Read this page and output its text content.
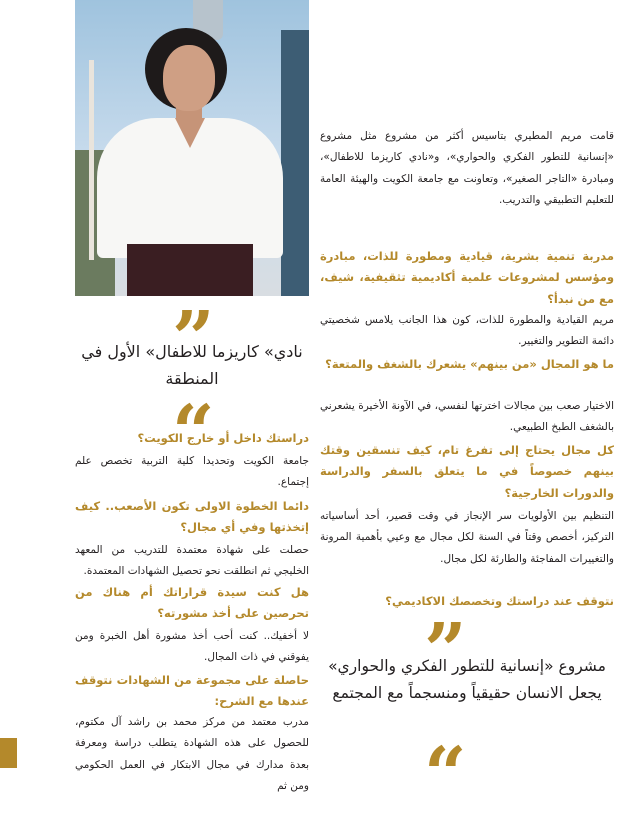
نادي» كاريزما للاطفال» الأول في المنطقة

دراستك داخل أو خارج الكويت؟

جامعة الكويت وتحديدا كلية التربية تخصص علم إجتماع.

دائما الخطوة الاولى تكون الأصعب.. كيف إتخذتها وفي أي مجال؟

حصلت على شهادة معتمدة للتدريب من المعهد الخليجي ثم انطلقت نحو تحصيل الشهادات المعتمدة.

هل كنت سيدة قراراتك أم هناك من تحرصين على أخذ مشورته؟

لا أخفيك.. كنت أحب أخذ مشورة أهل الخبرة ومن يفوقني في ذات المجال.

حاصلة على مجموعة من الشهادات نتوقف عندها مع الشرح:

مدرب معتمد من مركز محمد بن راشد آل مكتوم، للحصول على هذه الشهادة يتطلب دراسة ومعرفة بعدة مدارك في مجال الابتكار في العمل الحكومي ومن ثم

قامت مريم المطيري بتاسيس أكثر من مشروع مثل مشروع «إنسانية للتطور الفكري والحواري»، و«نادي كاريزما للاطفال»، ومبادرة «التاجر الصغير»، وتعاونت مع جامعة الكويت والهيئة العامة للتعليم التطبيقي والتدريب.

مدربة تنمية بشرية، قيادية ومطورة للذات، مبادرة ومؤسس لمشروعات علمية أكاديمية تثقيفية، شيف، مع من نبدأ؟

مريم القيادية والمطورة للذات، كون هذا الجانب يلامس شخصيتي دائمة التطوير والتغيير.

ما هو المجال «من بينهم» يشعرك بالشغف والمتعة؟

الاختيار صعب بين مجالات اخترتها لنفسي، في الآونة الأخيرة يشعرني بالشغف الطبخ الطبيعي.

كل مجال يحتاج إلى تفرغ تام، كيف تنسقين وقتك بينهم خصوصاً في ما يتعلق بالسفر والدراسة والدورات الخارجية؟

التنظيم بين الأولويات سر الإنجاز في وقت قصير، أحد أساسياته التركيز، أخصص وقتاً في السنة لكل مجال مع وعيي بأهمية المرونة والتغييرات المفاجئة والطارئة لكل مجال.

نتوقف عند دراستك وتخصصك الاكاديمي؟

مشروع «إنسانية للتطور الفكري والحواري» يجعل الانسان حقيقياً ومنسجماً مع المجتمع
